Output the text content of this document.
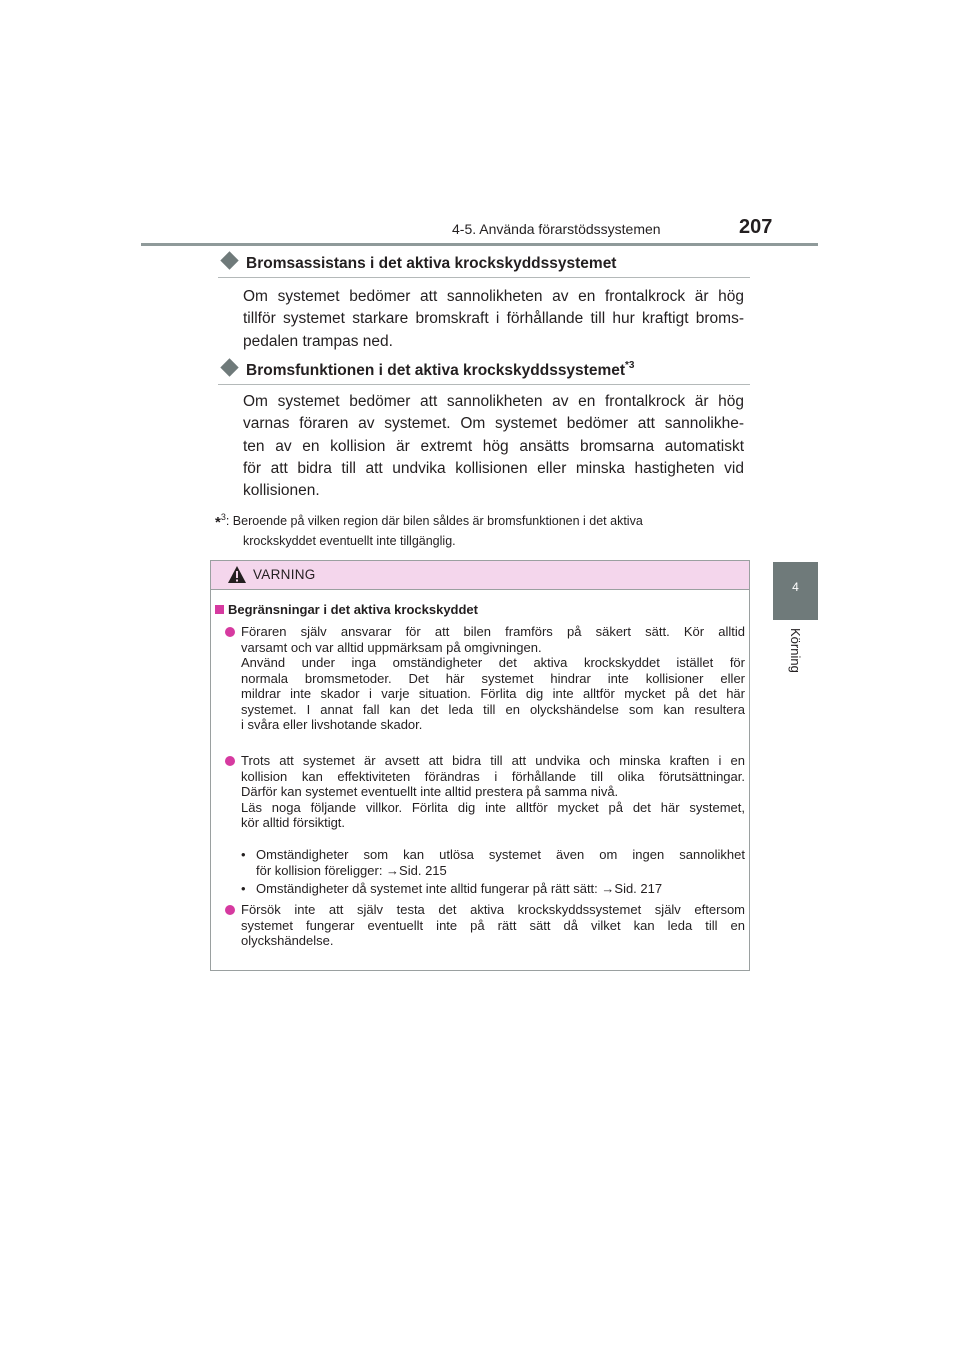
4-5. Använda förarstödssystemen	207
4
Körning
Bromsassistans i det aktiva krockskyddssystemet
Om systemet bedömer att sannolikheten av en frontalkrock är hög
tillför systemet starkare bromskraft i förhållande till hur kraftigt broms-
pedalen trampas ned.
Bromsfunktionen i det aktiva krockskyddssystemet$^{*3}$
Om systemet bedömer att sannolikheten av en frontalkrock är hög
varnas föraren av systemet. Om systemet bedömer att sannolikhe-
ten av en kollision är extremt hög ansätts bromsarna automatiskt
för att bidra till att undvika kollisionen eller minska hastigheten vid
kollisionen.
*$^3$: Beroende på vilken region där bilen såldes är bromsfunktionen i det aktiva
krockskyddet eventuellt inte tillgänglig.
VARNING
Begränsningar i det aktiva krockskyddet
Föraren själv ansvarar för att bilen framförs på säkert sätt. Kör alltid
varsamt och var alltid uppmärksam på omgivningen.
Använd under inga omständigheter det aktiva krockskyddet istället för
normala bromsmetoder. Det här systemet hindrar inte kollisioner eller
mildrar inte skador i varje situation. Förlita dig inte alltför mycket på det här
systemet. I annat fall kan det leda till en olyckshändelse som kan resultera
i svåra eller livshotande skador.
Trots att systemet är avsett att bidra till att undvika och minska kraften i en
kollision kan effektiviteten förändras i förhållande till olika förutsättningar.
Därför kan systemet eventuellt inte alltid prestera på samma nivå.
Läs noga följande villkor. Förlita dig inte alltför mycket på det här systemet,
kör alltid försiktigt.
• Omständigheter som kan utlösa systemet även om ingen sannolikhet
för kollision föreligger: →Sid. 215
• Omständigheter då systemet inte alltid fungerar på rätt sätt: →Sid. 217
Försök inte att själv testa det aktiva krockskyddssystemet själv eftersom
systemet fungerar eventuellt inte på rätt sätt då vilket kan leda till en
olyckshändelse.
